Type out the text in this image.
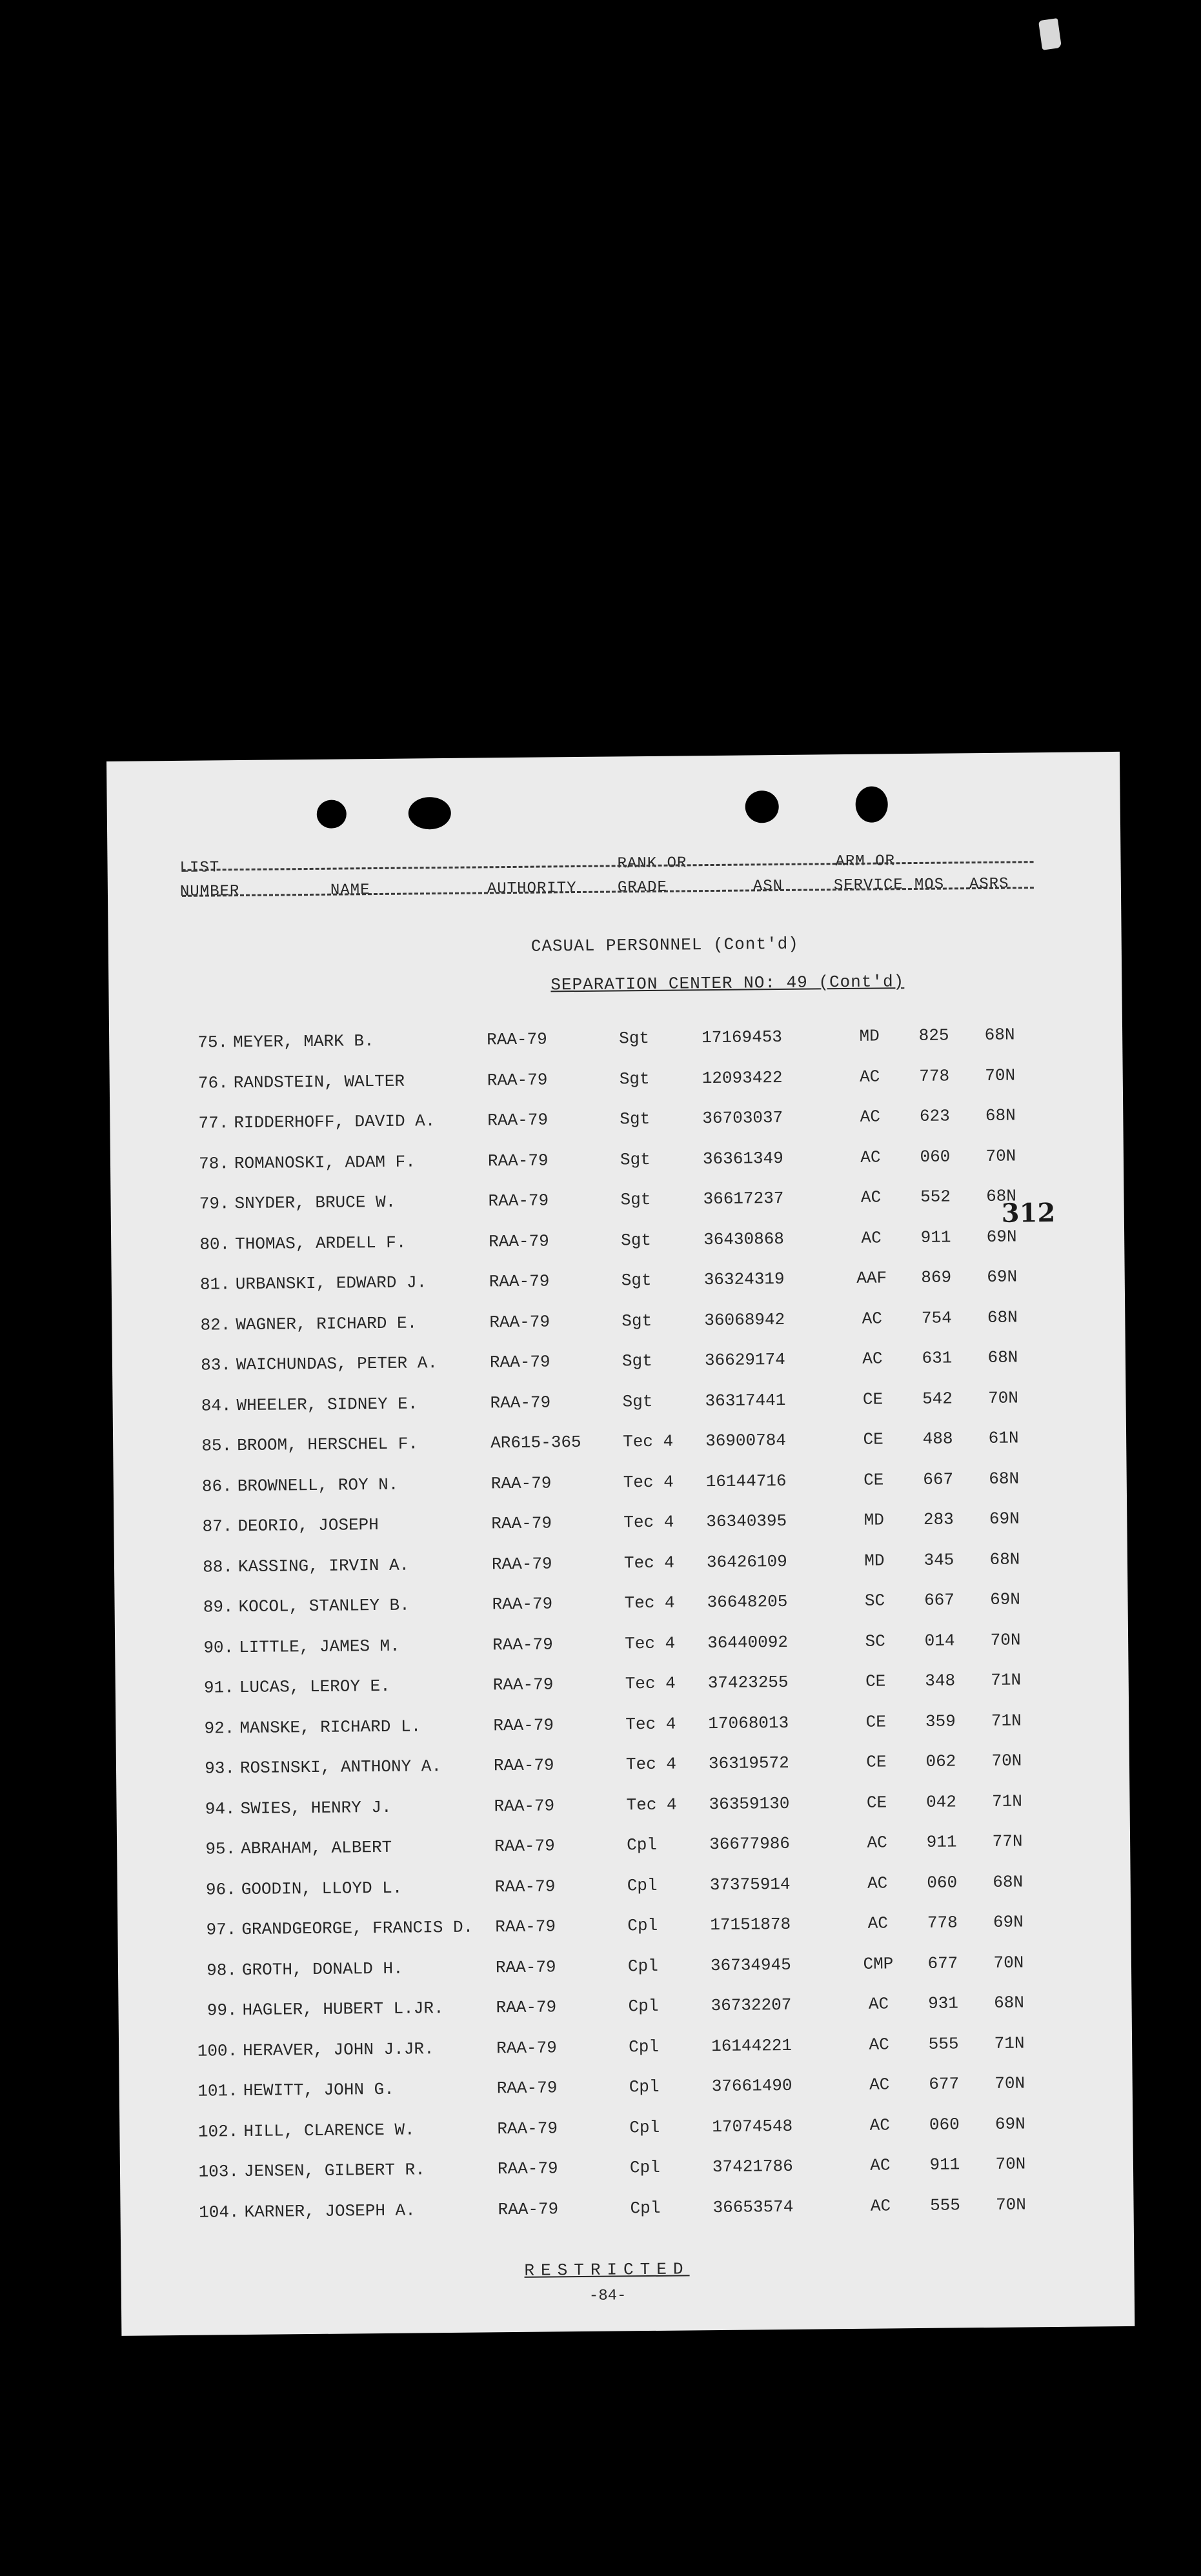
LIST	RANK OR	ARM OR
NUMBER	NAME	AUTHORITY	GRADE	ASN	SERVICE MOS ASRS
CASUAL PERSONNEL (Cont'd)
SEPARATION CENTER NO: 49 (Cont'd)
75. MEYER, MARK B.	RAA-79	Sgt	17169453	MD	825	68N
76. RANDSTEIN, WALTER	RAA-79	Sgt	12093422	AC	778	70N
77. RIDDERHOFF, DAVID A.	RAA-79	Sgt	36703037	AC	623	68N
78. ROMANOSKI, ADAM F.	RAA-79	Sgt	36361349	AC	060	70N
79. SNYDER, BRUCE W.	RAA-79	Sgt	36617237	AC	552	68N
80. THOMAS, ARDELL F.	RAA-79	Sgt	36430868	AC	911	69N
81. URBANSKI, EDWARD J.	RAA-79	Sgt	36324319	AAF	869	69N
82. WAGNER, RICHARD E.	RAA-79	Sgt	36068942	AC	754	68N
83. WAICHUNDAS, PETER A.	RAA-79	Sgt	36629174	AC	631	68N
84. WHEELER, SIDNEY E.	RAA-79	Sgt	36317441	CE	542	70N
85. BROOM, HERSCHEL F.	AR615-365 Tec 4 36900784	CE	488	61N
86. BROWNELL, ROY N.	RAA-79	Tec 4 16144716	CE	667	68N
87. DEORIO, JOSEPH	RAA-79	Tec 4 36340395	MD	283	69N
88. KASSING, IRVIN A.	RAA-79	Tec 4 36426109	MD	345	68N
89. KOCOL, STANLEY B.	RAA-79	Tec 4 36648205	SC	667	69N
90. LITTLE, JAMES M.	RAA-79	Tec 4 36440092	SC	014	70N
91. LUCAS, LEROY E.	RAA-79	Tec 4 37423255	CE	348	71N
92. MANSKE, RICHARD L.	RAA-79	Tec 4 17068013	CE	359	71N
93. ROSINSKI, ANTHONY A.	RAA-79	Tec 4 36319572	CE	062	70N
94. SWIES, HENRY J.	RAA-79	Tec 4 36359130	CE	042	71N
95. ABRAHAM, ALBERT	RAA-79	Cpl	36677986	AC	911	77N
96. GOODIN, LLOYD L.	RAA-79	Cpl	37375914	AC	060	68N
97. GRANDGEORGE, FRANCIS D. RAA-79	Cpl	17151878	AC	778	69N
98. GROTH, DONALD H.	RAA-79	Cpl	36734945	CMP	677	70N
99. HAGLER, HUBERT L.JR.	RAA-79	Cpl	36732207	AC	931	68N
100. HERAVER, JOHN J.JR.	RAA-79	Cpl	16144221	AC	555	71N
101. HEWITT, JOHN G.	RAA-79	Cpl	37661490	AC	677	70N
102. HILL, CLARENCE W.	RAA-79	Cpl	17074548	AC	060	69N
103. JENSEN, GILBERT R.	RAA-79	Cpl	37421786	AC	911	70N
104. KARNER, JOSEPH A.	RAA-79	Cpl	36653574	AC	555	70N
312
RESTRICTED
-84-
